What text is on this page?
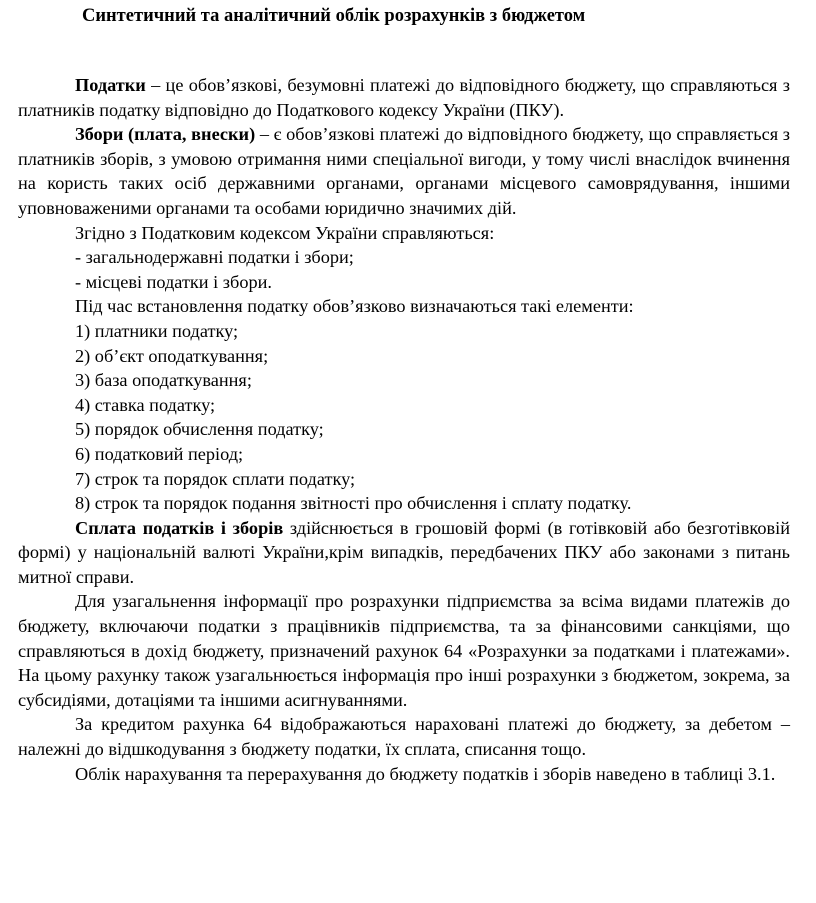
Синтетичний та аналітичний облік розрахунків з бюджетом

Податки – це обов’язкові, безумовні платежі до відповідного бюджету, що справляються з платників податку відповідно до Податкового кодексу України (ПКУ).

Збори (плата, внески) – є обов’язкові платежі до відповідного бюджету, що справляється з платників зборів, з умовою отримання ними спеціальної вигоди, у тому числі внаслідок вчинення на користь таких осіб державними органами, органами місцевого самоврядування, іншими уповноваженими органами та особами юридично значимих дій.

Згідно з Податковим кодексом України справляються:

- загальнодержавні податки і збори;

- місцеві податки і збори.

Під час встановлення податку обов’язково визначаються такі елементи:

1) платники податку;

2) об’єкт оподаткування;

3) база оподаткування;

4) ставка податку;

5) порядок обчислення податку;

6) податковий період;

7) строк та порядок сплати податку;

8) строк та порядок подання звітності про обчислення і сплату податку.

Сплата податків і зборів здійснюється в грошовій формі (в готівковій або безготівковій формі) у національній валюті України,крім випадків, передбачених ПКУ або законами з питань митної справи.

Для узагальнення інформації про розрахунки підприємства за всіма видами платежів до бюджету, включаючи податки з працівників підприємства, та за фінансовими санкціями, що справляються в дохід бюджету, призначений рахунок 64 «Розрахунки за податками і платежами». На цьому рахунку також узагальнюється інформація про інші розрахунки з бюджетом, зокрема, за субсидіями, дотаціями та іншими асигнуваннями.

За кредитом рахунка 64 відображаються нараховані платежі до бюджету, за дебетом – належні до відшкодування з бюджету податки, їх сплата, списання тощо.

Облік нарахування та перерахування до бюджету податків і зборів наведено в таблиці 3.1.
